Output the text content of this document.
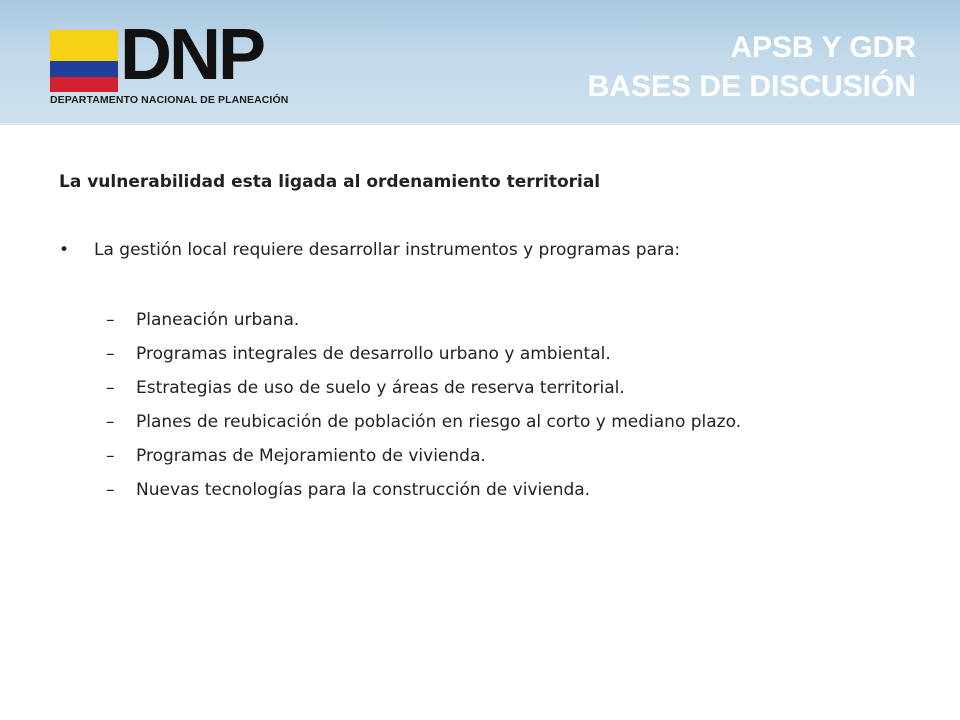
DNP
DEPARTAMENTO NACIONAL DE PLANEACIÓN
APSB Y GDR
BASES DE DISCUSIÓN
La vulnerabilidad esta ligada al ordenamiento territorial
• La gestión local requiere desarrollar instrumentos y programas para:
– Planeación urbana.
– Programas integrales de desarrollo urbano y ambiental.
– Estrategias de uso de suelo y áreas de reserva territorial.
– Planes de reubicación de población en riesgo al corto y mediano plazo.
– Programas de Mejoramiento de vivienda.
– Nuevas tecnologías para la construcción de vivienda.
